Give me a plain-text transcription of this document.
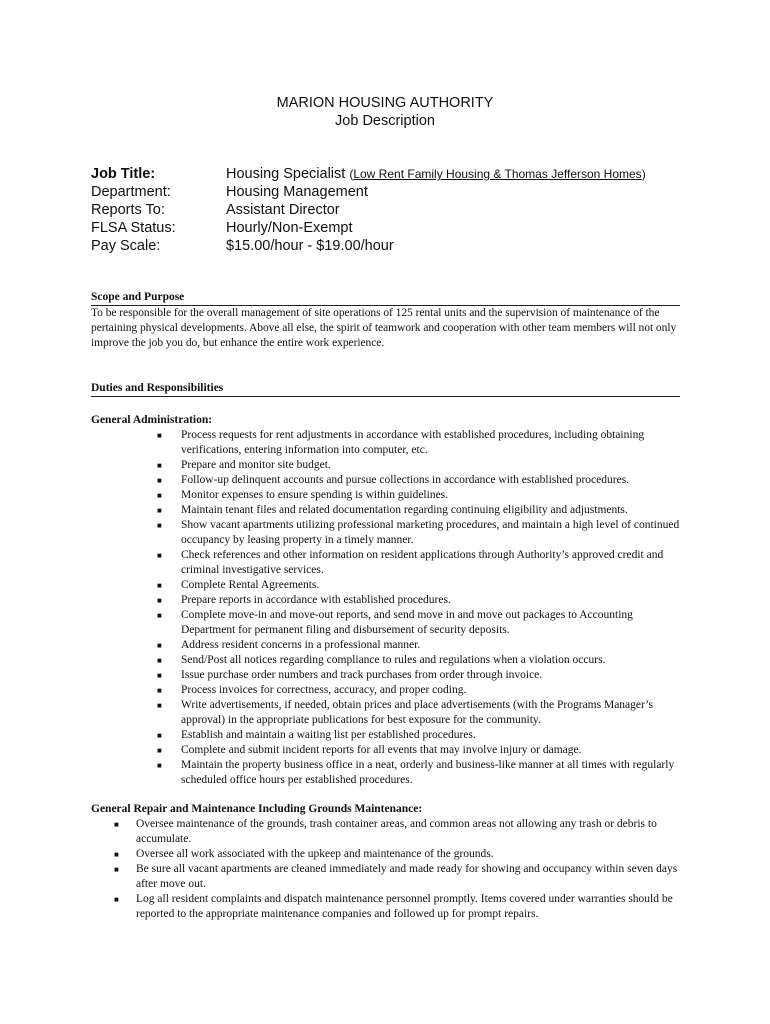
MARION HOUSING AUTHORITY
Job Description
Job Title:	Housing Specialist (Low Rent Family Housing & Thomas Jefferson Homes)
Department:	Housing Management
Reports To:	Assistant Director
FLSA Status:	Hourly/Non-Exempt
Pay Scale:	$15.00/hour - $19.00/hour
Scope and Purpose
To be responsible for the overall management of site operations of 125 rental units and the supervision of maintenance of the pertaining physical developments. Above all else, the spirit of teamwork and cooperation with other team members will not only improve the job you do, but enhance the entire work experience.
Duties and Responsibilities
General Administration:
■ Process requests for rent adjustments in accordance with established procedures, including obtaining verifications, entering information into computer, etc.
■ Prepare and monitor site budget.
■ Follow-up delinquent accounts and pursue collections in accordance with established procedures.
■ Monitor expenses to ensure spending is within guidelines.
■ Maintain tenant files and related documentation regarding continuing eligibility and adjustments.
■ Show vacant apartments utilizing professional marketing procedures, and maintain a high level of continued occupancy by leasing property in a timely manner.
■ Check references and other information on resident applications through Authority’s approved credit and criminal investigative services.
■ Complete Rental Agreements.
■ Prepare reports in accordance with established procedures.
■ Complete move-in and move-out reports, and send move in and move out packages to Accounting Department for permanent filing and disbursement of security deposits.
■ Address resident concerns in a professional manner.
■ Send/Post all notices regarding compliance to rules and regulations when a violation occurs.
■ Issue purchase order numbers and track purchases from order through invoice.
■ Process invoices for correctness, accuracy, and proper coding.
■ Write advertisements, if needed, obtain prices and place advertisements (with the Programs Manager’s approval) in the appropriate publications for best exposure for the community.
■ Establish and maintain a waiting list per established procedures.
■ Complete and submit incident reports for all events that may involve injury or damage.
■ Maintain the property business office in a neat, orderly and business-like manner at all times with regularly scheduled office hours per established procedures.
General Repair and Maintenance Including Grounds Maintenance:
■ Oversee maintenance of the grounds, trash container areas, and common areas not allowing any trash or debris to accumulate.
■ Oversee all work associated with the upkeep and maintenance of the grounds.
■ Be sure all vacant apartments are cleaned immediately and made ready for showing and occupancy within seven days after move out.
■ Log all resident complaints and dispatch maintenance personnel promptly. Items covered under warranties should be reported to the appropriate maintenance companies and followed up for prompt repairs.
